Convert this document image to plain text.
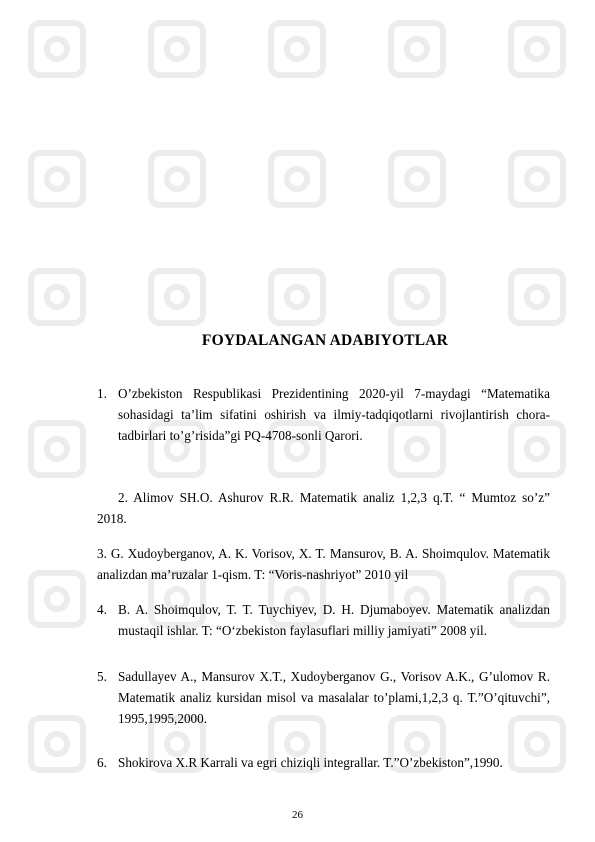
FOYDALANGAN ADABIYOTLAR
1. O’zbekiston Respublikasi Prezidentining 2020-yil 7-maydagi “Matematika sohasidagi ta’lim sifatini oshirish va ilmiy-tadqiqotlarni rivojlantirish chora-tadbirlari to’g’risida”gi PQ-4708-sonli Qarori.
2. Alimov SH.O. Ashurov R.R. Matematik analiz 1,2,3 q.T. “ Mumtoz so’z” 2018.
3. G. Xudoyberganov, A. K. Vorisov, X. T. Mansurov, B. A. Shoimqulov. Matematik analizdan ma’ruzalar 1-qism. T: “Voris-nashriyot” 2010 yil
4. B. A. Shoimqulov, T. T. Tuychiyev, D. H. Djumaboyev. Matematik analizdan mustaqil ishlar. T: “O‘zbekiston faylasuflari milliy jamiyati” 2008 yil.
5. Sadullayev A., Mansurov X.T., Xudoyberganov G., Vorisov A.K., G’ulomov R. Matematik analiz kursidan misol va masalalar to’plami,1,2,3 q. T.”O’qituvchi”, 1995,1995,2000.
6. Shokirova X.R Karrali va egri chiziqli integrallar. T.”O’zbekiston”,1990.
26
